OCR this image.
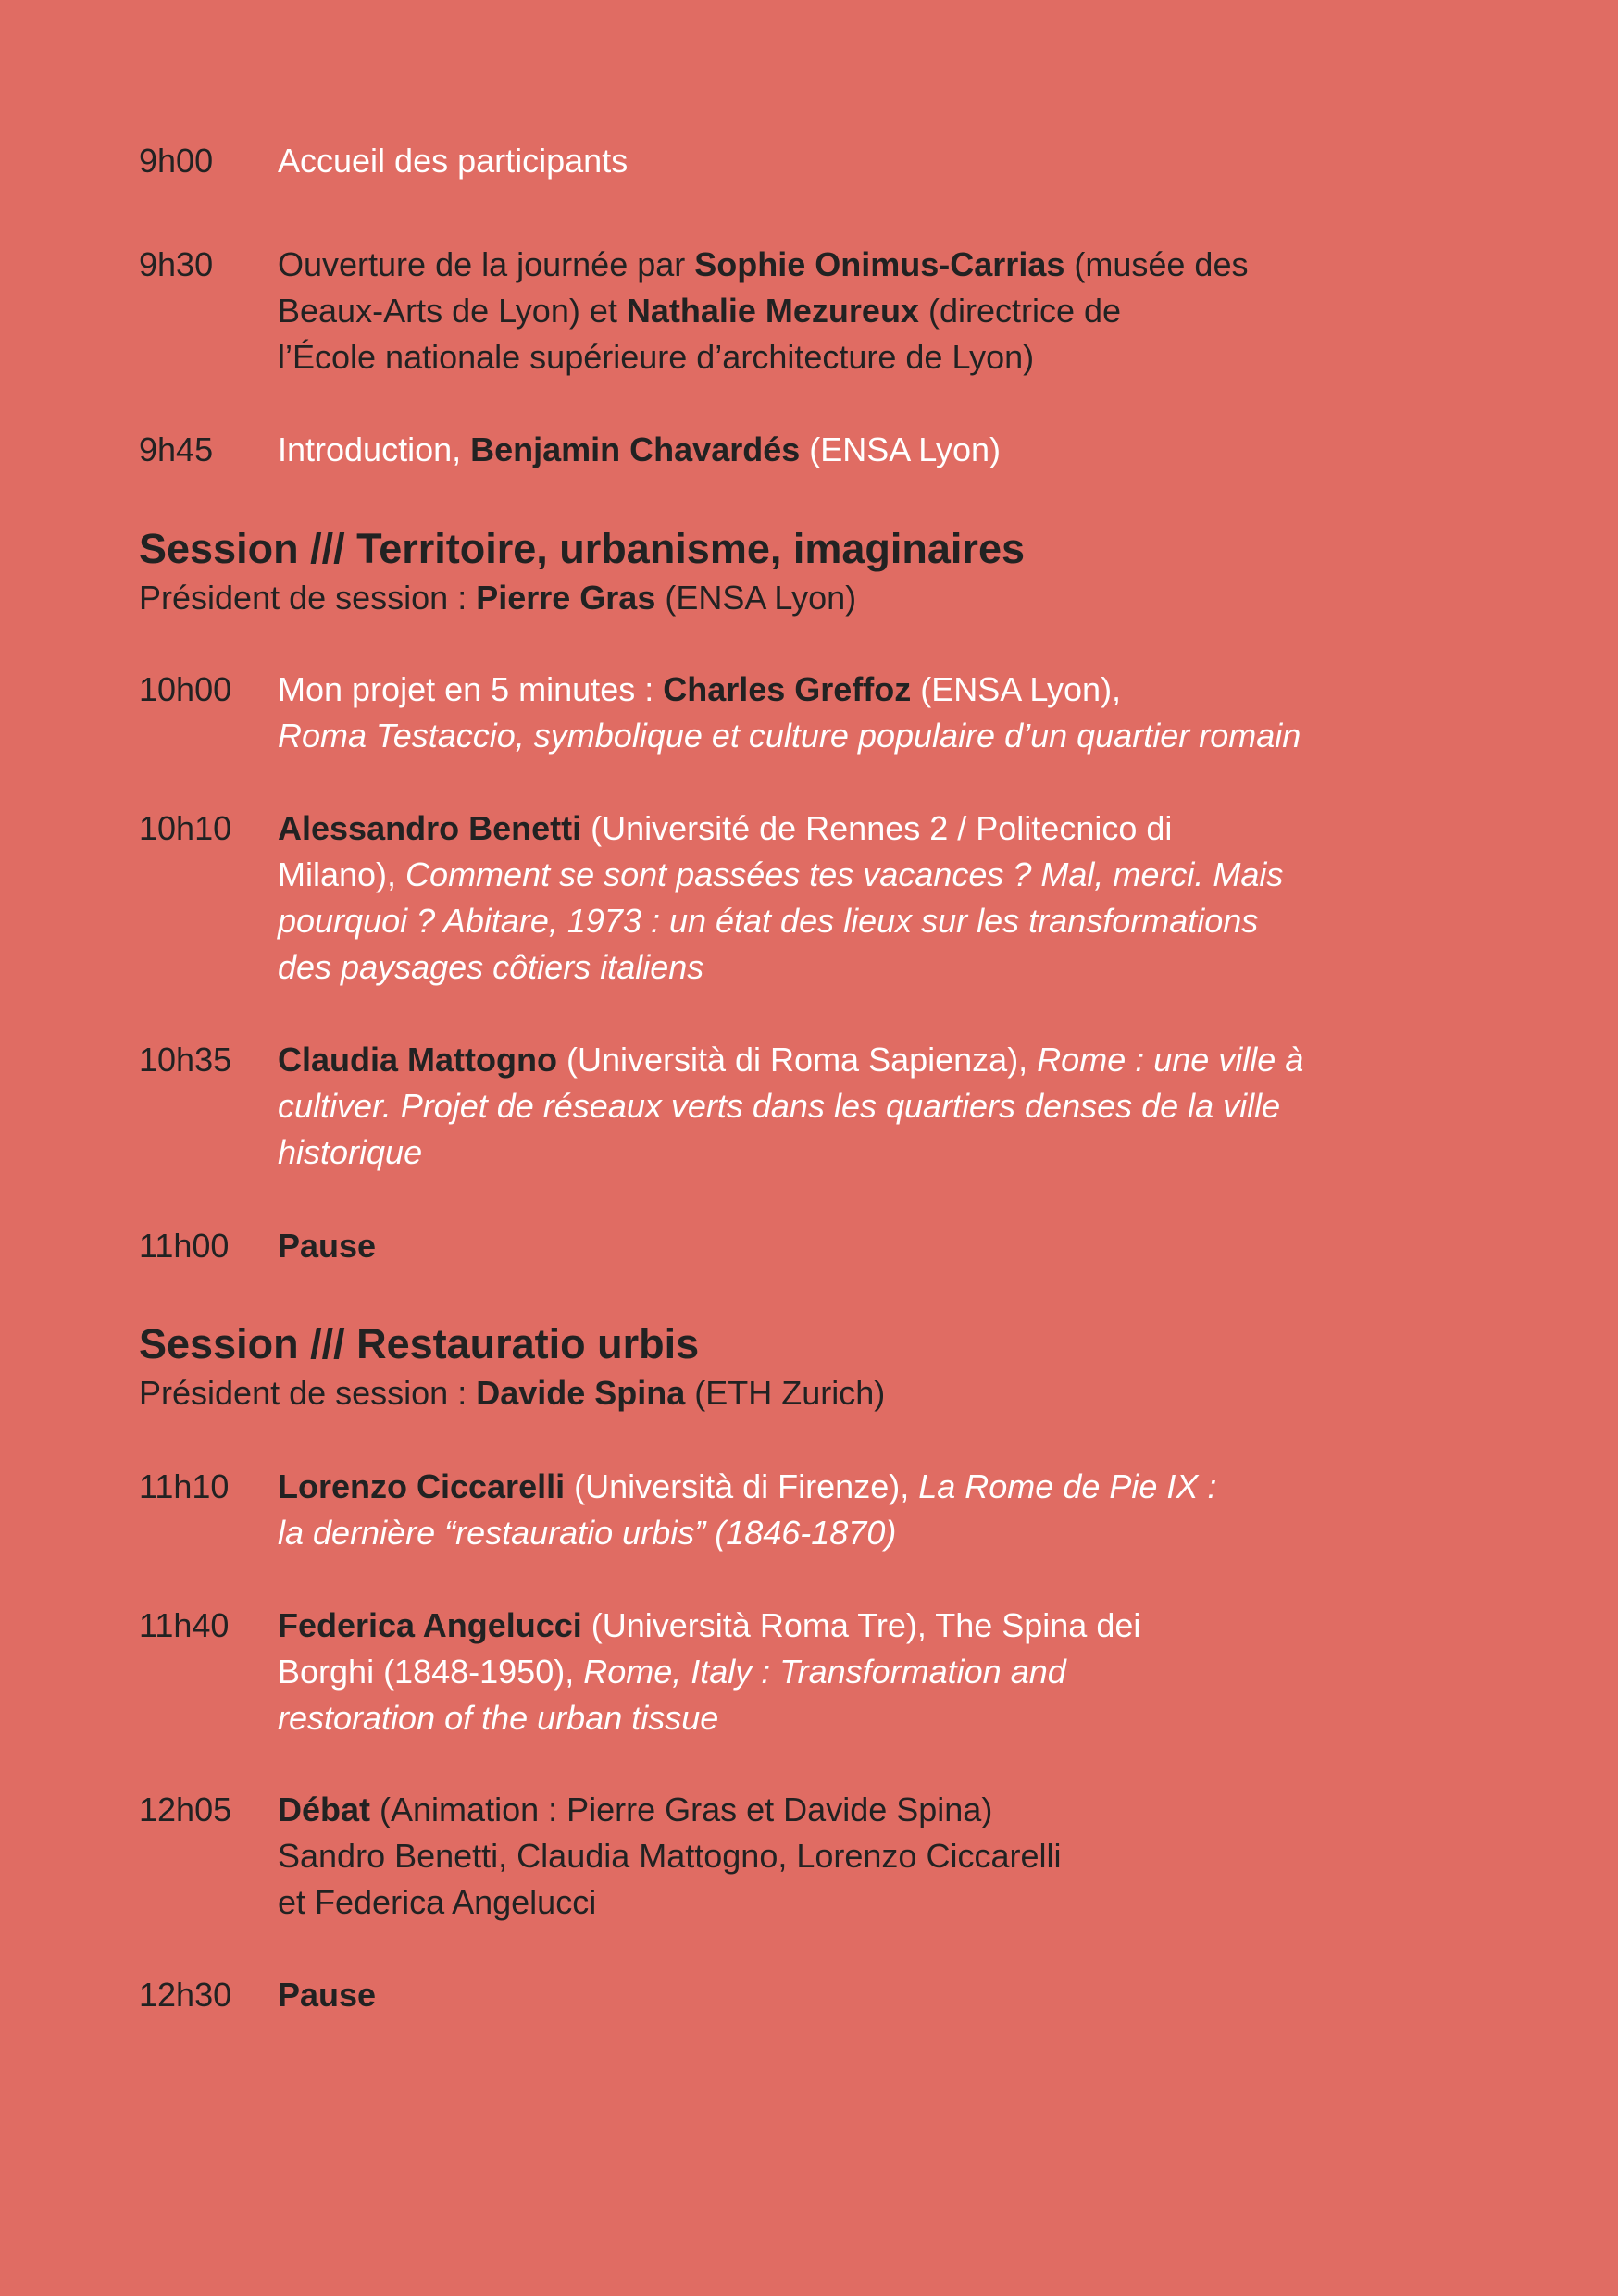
9h00	Accueil des participants
9h30	Ouverture de la journée par Sophie Onimus-Carrias (musée des
Beaux-Arts de Lyon) et Nathalie Mezureux (directrice de
l’École nationale supérieure d’architecture de Lyon)
9h45	Introduction, Benjamin Chavardés (ENSA Lyon)
10h00	Mon projet en 5 minutes : Charles Greffoz (ENSA Lyon),
Roma Testaccio, symbolique et culture populaire d’un quartier romain
10h10	Alessandro Benetti (Université de Rennes 2 / Politecnico di
Milano), Comment se sont passées tes vacances ? Mal, merci. Mais
pourquoi ? Abitare, 1973 : un état des lieux sur les transformations
des paysages côtiers italiens
10h35	Claudia Mattogno (Università di Roma Sapienza), Rome : une ville à
cultiver. Projet de réseaux verts dans les quartiers denses de la ville
historique
11h00	Pause
11h10	Lorenzo Ciccarelli (Università di Firenze), La Rome de Pie IX :
la dernière “restauratio urbis” (1846-1870)
11h40	Federica Angelucci (Università Roma Tre), The Spina dei
Borghi (1848-1950), Rome, Italy : Transformation and
restoration of the urban tissue
12h05	Débat (Animation : Pierre Gras et Davide Spina)
Sandro Benetti, Claudia Mattogno, Lorenzo Ciccarelli
et Federica Angelucci
12h30	Pause
Session /// Territoire, urbanisme, imaginaires
Président de session : Pierre Gras (ENSA Lyon)
Session /// Restauratio urbis
Président de session : Davide Spina (ETH Zurich)
